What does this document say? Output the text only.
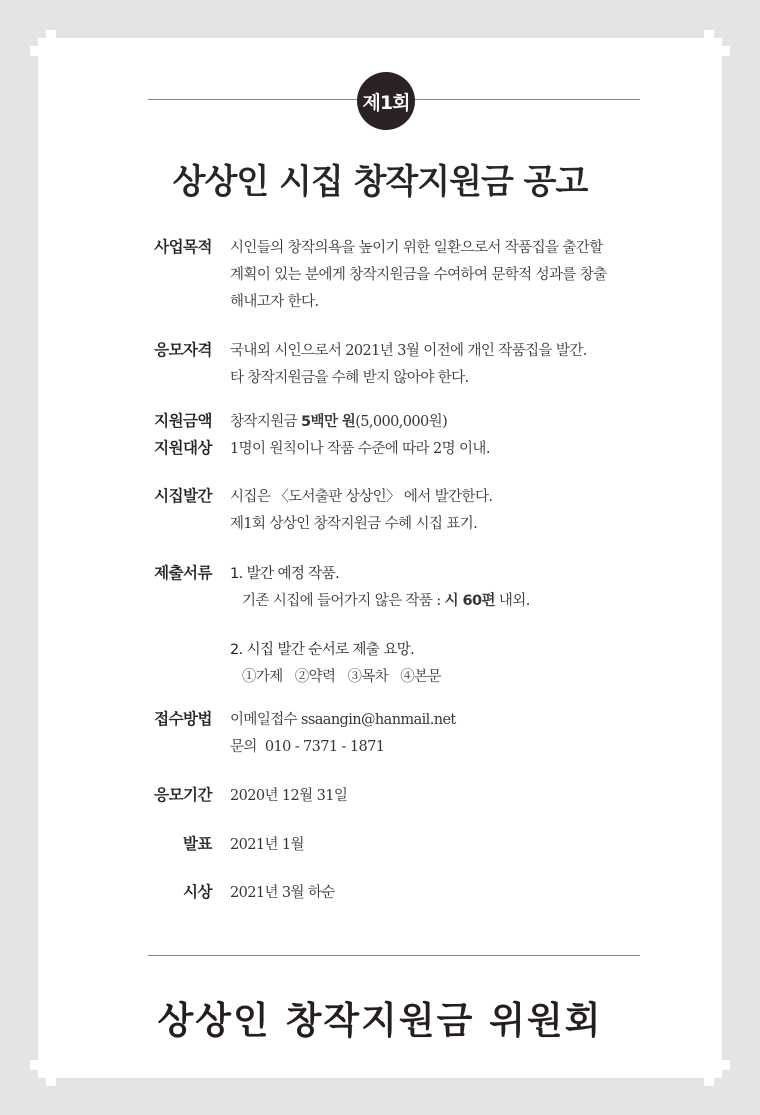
제1회
상상인 시집 창작지원금 공고
사업목적 시인들의 창작의욕을 높이기 위한 일환으로서 작품집을 출간할
계획이 있는 분에게 창작지원금을 수여하여 문학적 성과를 창출
해내고자 한다.
응모자격 국내외 시인으로서 2021년 3월 이전에 개인 작품집을 발간.
타 창작지원금을 수혜 받지 않아야 한다.
지원금액 창작지원금 5백만 원(5,000,000원)
지원대상 1명이 원칙이나 작품 수준에 따라 2명 이내.
시집발간 시집은 〈도서출판 상상인〉 에서 발간한다.
제1회 상상인 창작지원금 수혜 시집 표기.
제출서류 1. 발간 예정 작품.
기존 시집에 들어가지 않은 작품 : 시 60편 내외.
2. 시집 발간 순서로 제출 요망.
①가제   ②약력   ③목차   ④본문
접수방법 이메일접수 ssaangin@hanmail.net
문의  010 - 7371 - 1871
응모기간 2020년 12월 31일
발표 2021년 1월
시상 2021년 3월 하순
상상인 창작지원금 위원회
